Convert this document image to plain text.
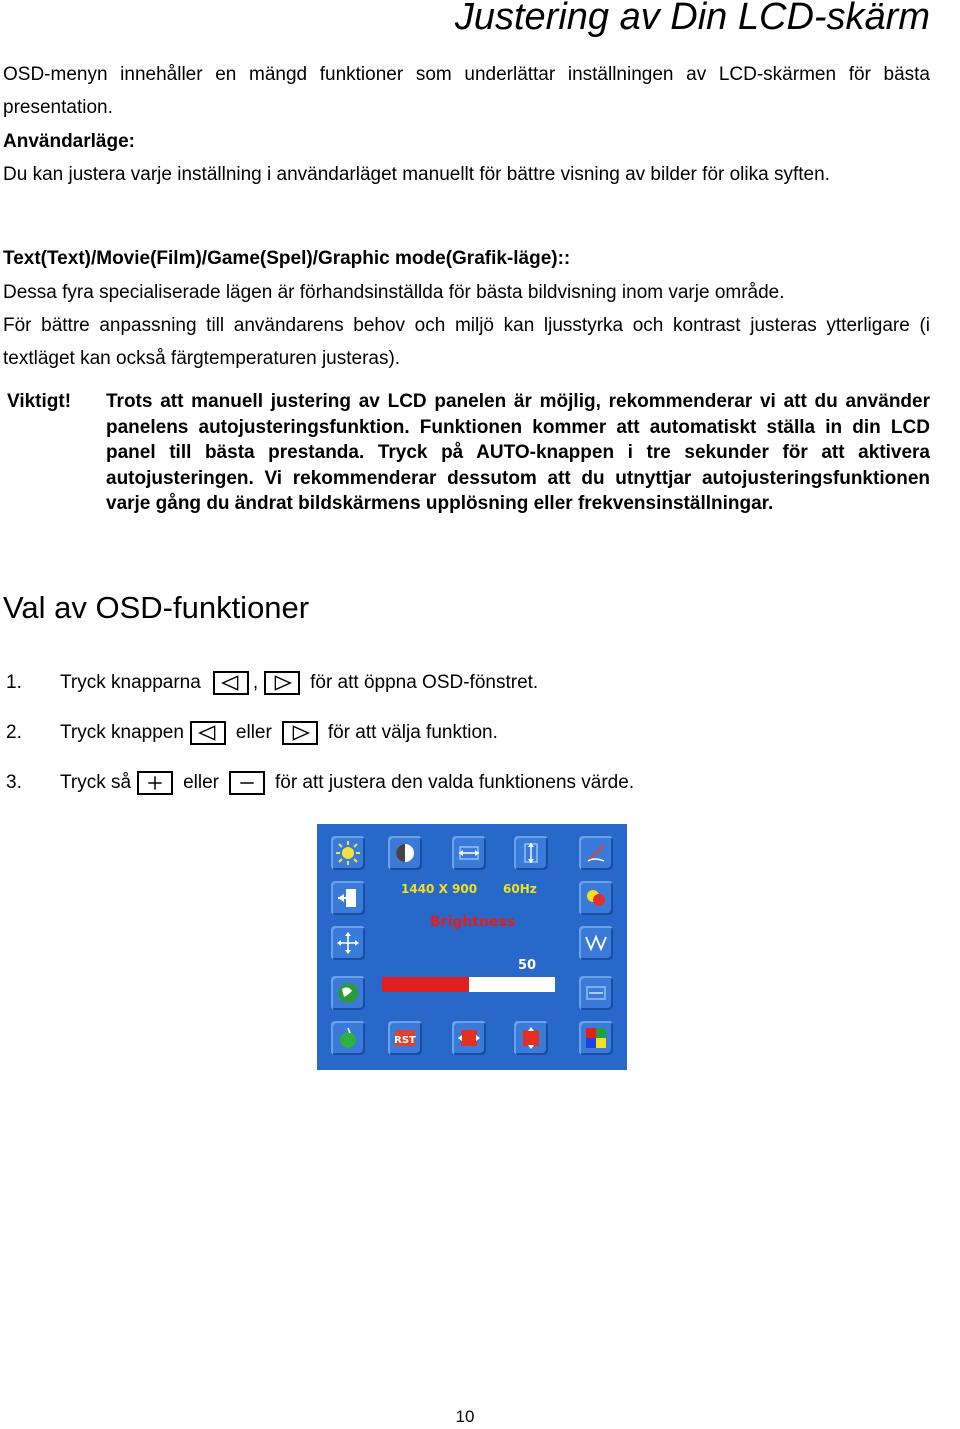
Justering av Din LCD-skärm

OSD-menyn innehåller en mängd funktioner som underlättar inställningen av LCD-skärmen för bästa presentation.

Användarläge:

Du kan justera varje inställning i användarläget manuellt för bättre visning av bilder för olika syften.

Text(Text)/Movie(Film)/Game(Spel)/Graphic mode(Grafik-läge)::

Dessa fyra specialiserade lägen är förhandsinställda för bästa bildvisning inom varje område.

För bättre anpassning till användarens behov och miljö kan ljusstyrka och kontrast justeras ytterligare (i textläget kan också färgtemperaturen justeras).

Viktigt! Trots att manuell justering av LCD panelen är möjlig, rekommenderar vi att du använder panelens autojusteringsfunktion. Funktionen kommer att automatiskt ställa in din LCD panel till bästa prestanda. Tryck på AUTO-knappen i tre sekunder för att aktivera autojusteringen. Vi rekommenderar dessutom att du utnyttjar autojusteringsfunktionen varje gång du ändrat bildskärmens upplösning eller frekvensinställningar.

Val av OSD-funktioner
1.	Tryck knapparna	,	för att öppna OSD-fönstret.
2.	Tryck knappen	eller	för att välja funktion.
3.	Tryck så	eller	för att justera den valda funktionens värde.
RST
1440 X 900 60Hz
Brightness
50
10
